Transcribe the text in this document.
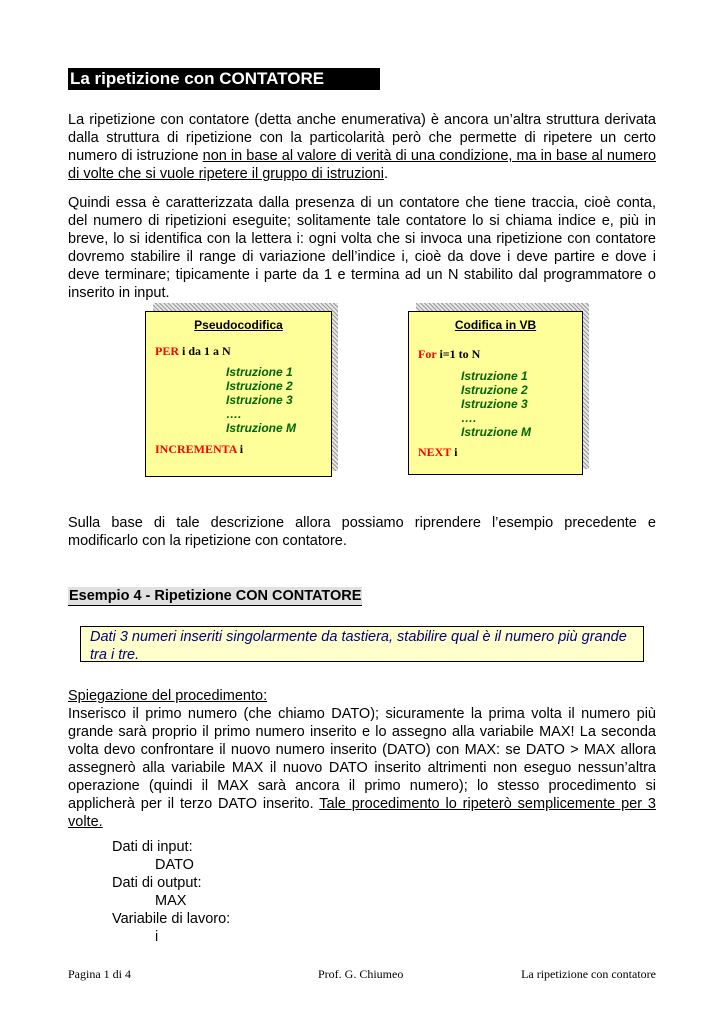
La ripetizione con CONTATORE
La ripetizione con contatore (detta anche enumerativa) è ancora un’altra struttura derivata dalla struttura di ripetizione con la particolarità però che permette di ripetere un certo numero di istruzione non in base al valore di verità di una condizione, ma in base al numero di volte che si vuole ripetere il gruppo di istruzioni.
Quindi essa è caratterizzata dalla presenza di un contatore che tiene traccia, cioè conta, del numero di ripetizioni eseguite; solitamente tale contatore lo si chiama indice e, più in breve, lo si identifica con la lettera i: ogni volta che si invoca una ripetizione con contatore dovremo stabilire il range di variazione dell’indice i, cioè da dove i deve partire e dove i deve terminare; tipicamente i parte da 1 e termina ad un N stabilito dal programmatore o inserito in input.
Pseudocodifica
PER i da 1 a N
Istruzione 1
Istruzione 2
Istruzione 3
….
Istruzione M
INCREMENTA i
Codifica in VB
For i=1 to N
Istruzione 1
Istruzione 2
Istruzione 3
….
Istruzione M
NEXT i
Sulla base di tale descrizione allora possiamo riprendere l’esempio precedente e modificarlo con la ripetizione con contatore.
Esempio 4 - Ripetizione CON CONTATORE
Dati 3 numeri inseriti singolarmente da tastiera, stabilire qual è il numero più grande tra i tre.
Spiegazione del procedimento:
Inserisco il primo numero (che chiamo DATO); sicuramente la prima volta il numero più grande sarà proprio il primo numero inserito e lo assegno alla variabile MAX! La seconda volta devo confrontare il nuovo numero inserito (DATO) con MAX: se DATO > MAX allora assegnerò alla variabile MAX il nuovo DATO inserito altrimenti non eseguo nessun’altra operazione (quindi il MAX sarà ancora il primo numero); lo stesso procedimento si applicherà per il terzo DATO inserito. Tale procedimento lo ripeterò semplicemente per 3 volte.
Dati di input:
DATO
Dati di output:
MAX
Variabile di lavoro:
i
Pagina 1 di 4	Prof. G. Chiumeo	La ripetizione con contatore
